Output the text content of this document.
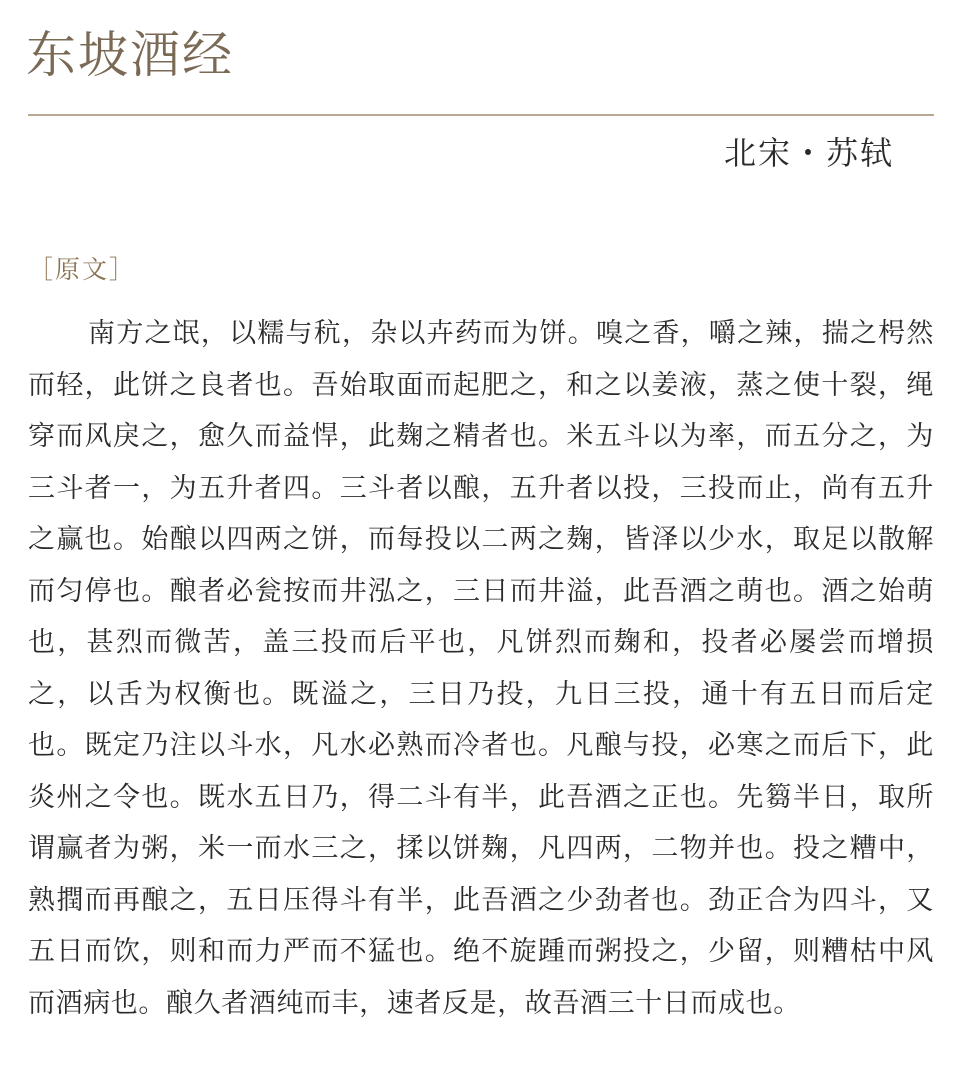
东坡酒经
北宋・苏轼
［原文］

南方之氓，以糯与秔，杂以卉药而为饼。嗅之香，嚼之辣，揣之枵然而轻，此饼之良者也。吾始取面而起肥之，和之以姜液，蒸之使十裂，绳穿而风戾之，愈久而益悍，此麹之精者也。米五斗以为率，而五分之，为三斗者一，为五升者四。三斗者以酿，五升者以投，三投而止，尚有五升之赢也。始酿以四两之饼，而每投以二两之麹，皆泽以少水，取足以散解而匀停也。酿者必瓮按而井泓之，三日而井溢，此吾酒之萌也。酒之始萌也，甚烈而微苦，盖三投而后平也，凡饼烈而麹和，投者必屡尝而增损之，以舌为权衡也。既溢之，三日乃投，九日三投，通十有五日而后定也。既定乃注以斗水，凡水必熟而冷者也。凡酿与投，必寒之而后下，此炎州之令也。既水五日乃，得二斗有半，此吾酒之正也。先篘半日，取所谓赢者为粥，米一而水三之，揉以饼麹，凡四两，二物并也。投之糟中，熟撋而再酿之，五日压得斗有半，此吾酒之少劲者也。劲正合为四斗，又五日而饮，则和而力严而不猛也。绝不旋踵而粥投之，少留，则糟枯中风而酒病也。酿久者酒纯而丰，速者反是，故吾酒三十日而成也。
